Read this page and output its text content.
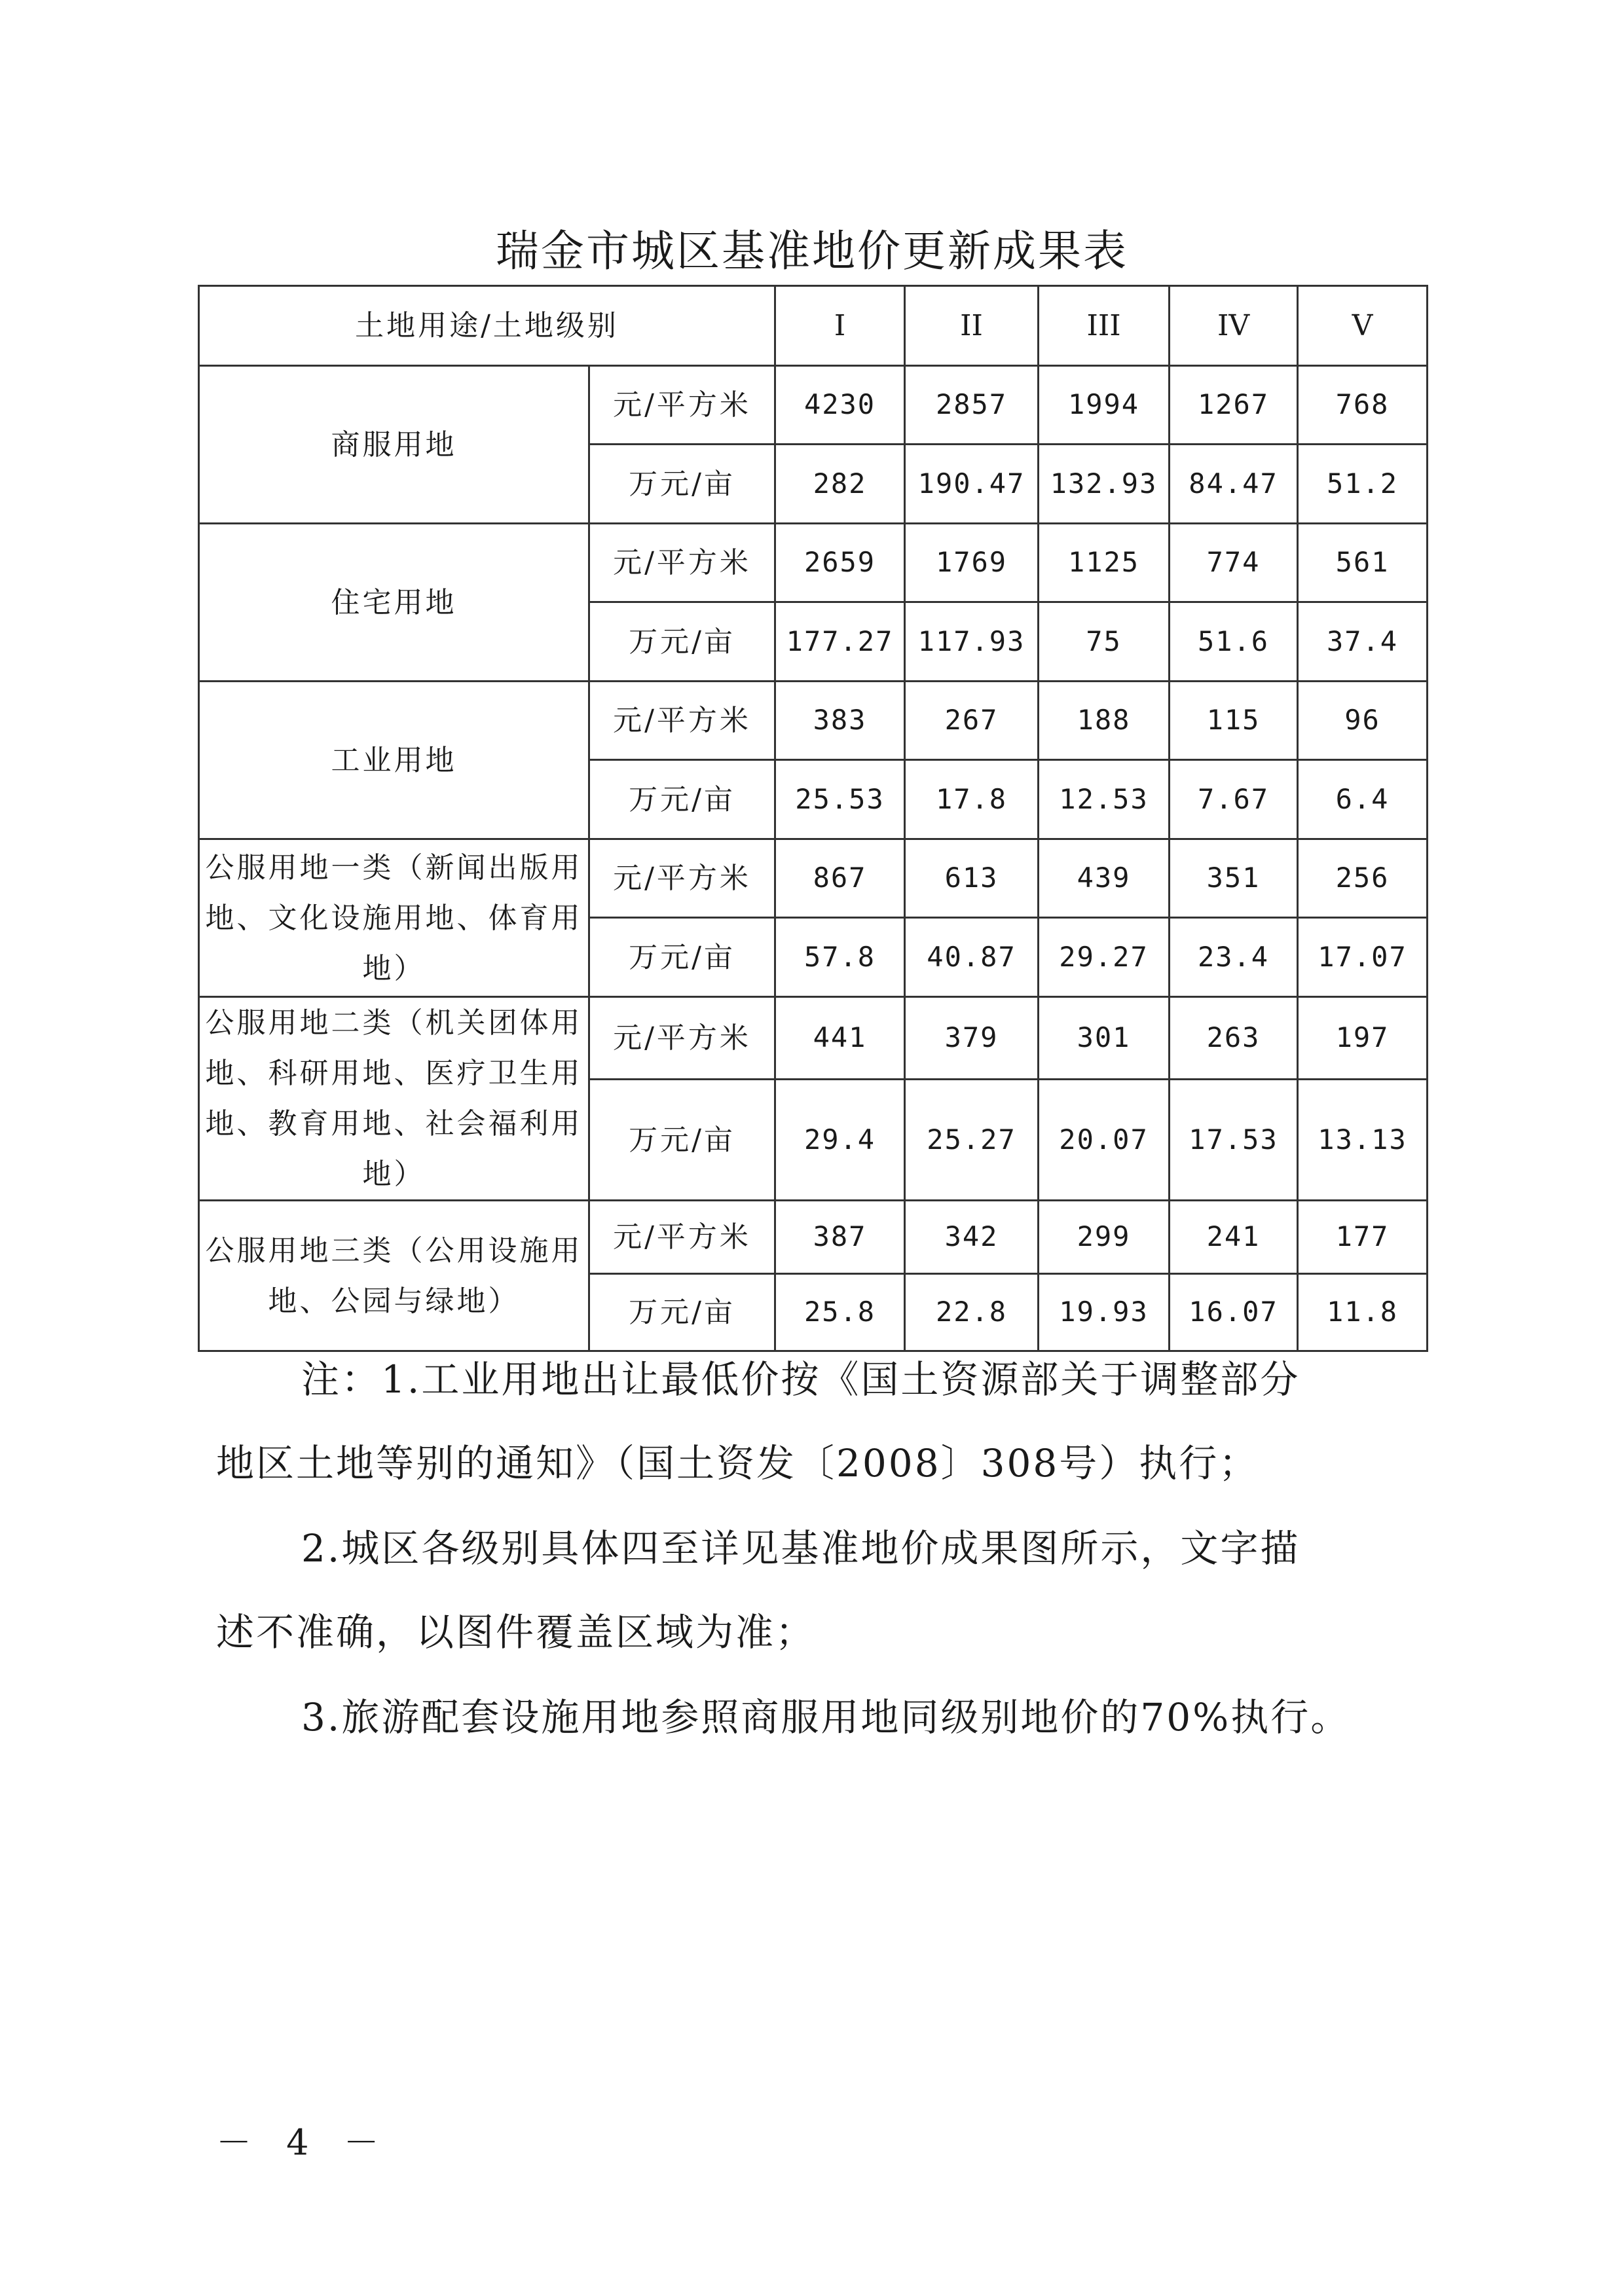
瑞金市城区基准地价更新成果表
土地用途/土地级别		I	II	III	IV	V
商服用地	元/平方米	4230	2857	1994	1267	768
	万元/亩	282	190.47	132.93	84.47	51.2
住宅用地	元/平方米	2659	1769	1125	774	561
	万元/亩	177.27	117.93	75	51.6	37.4
工业用地	元/平方米	383	267	188	115	96
	万元/亩	25.53	17.8	12.53	7.67	6.4
公服用地一类（新闻出版用地、文化设施用地、体育用地）	元/平方米	867	613	439	351	256
	万元/亩	57.8	40.87	29.27	23.4	17.07
公服用地二类（机关团体用地、科研用地、医疗卫生用地、教育用地、社会福利用地）	元/平方米	441	379	301	263	197
	万元/亩	29.4	25.27	20.07	17.53	13.13
公服用地三类（公用设施用地、公园与绿地）	元/平方米	387	342	299	241	177
	万元/亩	25.8	22.8	19.93	16.07	11.8
注：1.工业用地出让最低价按《国土资源部关于调整部分
地区土地等别的通知》（国土资发〔2008〕308号）执行；
2.城区各级别具体四至详见基准地价成果图所示，文字描
述不准确，以图件覆盖区域为准；
3.旅游配套设施用地参照商服用地同级别地价的70%执行。
－ 4 －
